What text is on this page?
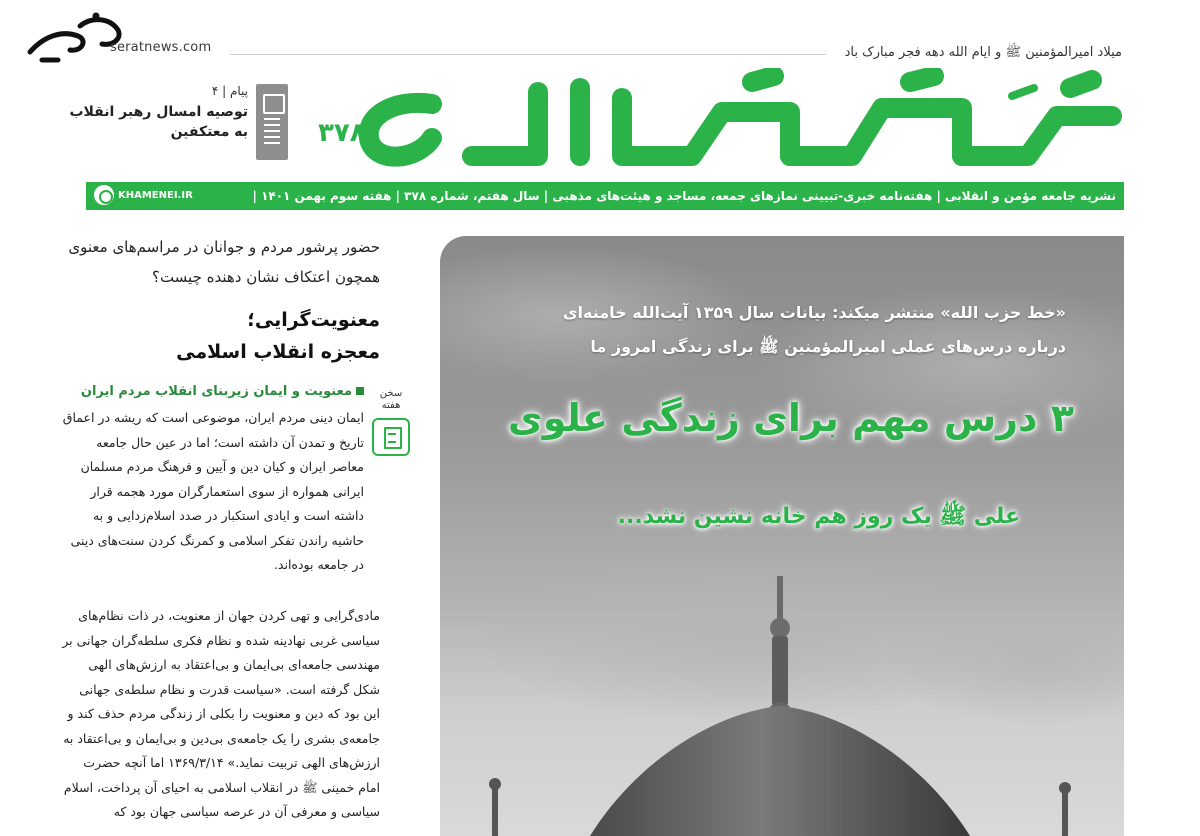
seratnews.com	میلاد امیرالمؤمنین ﷺ و ایام الله دهه فجر مبارک باد
خط حزب الله
۳۷۸
پیام | ۴
توصیه امسال رهبر انقلاب به معتکفین
نشریه جامعه مؤمن و انقلابی | هفته‌نامه خبری-تبیینی نمازهای جمعه، مساجد و هیئت‌های مذهبی | سال هفتم، شماره ۳۷۸ | هفته سوم بهمن ۱۴۰۱ |
KHAMENEI.IR
حضور پرشور مردم و جوانان در مراسم‌های معنوی همچون اعتکاف نشان دهنده چیست؟
معنویت‌گرایی؛
معجزه انقلاب اسلامی
سخن هفته
معنویت و ایمان زیربنای انقلاب مردم ایران

ایمان دینی مردم ایران، موضوعی است که ریشه در اعماق تاریخ و تمدن آن داشته است؛ اما در عین حال جامعه معاصر ایران و کیان دین و آیین و فرهنگ مردم مسلمان ایرانی همواره از سوی استعمارگران مورد هجمه قرار داشته است و ایادی استکبار در صدد اسلام‌زدایی و به حاشیه راندن تفکر اسلامی و کمرنگ کردن سنت‌های دینی در جامعه بوده‌اند.

مادی‌گرایی و تهی کردن جهان از معنویت، در ذات نظام‌های سیاسی غربی نهادینه شده و نظام فکری سلطه‌گران جهانی بر مهندسی جامعه‌ای بی‌ایمان و بی‌اعتقاد به ارزش‌های الهی شکل گرفته است. «سیاست قدرت و نظام سلطه‌ی جهانی این بود که دین و معنویت را بکلی از زندگی مردم حذف کند و جامعه‌ی بشری را یک جامعه‌ی بی‌دین و بی‌ایمان و بی‌اعتقاد به ارزش‌های الهی تربیت نماید.» ۱۳۶۹/۳/۱۴ اما آنچه حضرت امام خمینی ﷺ در انقلاب اسلامی به احیای آن پرداخت، اسلام سیاسی و معرفی آن در عرصه سیاسی جهان بود که

«خط حزب الله» منتشر میکند: بیانات سال ۱۳۵۹ آیت‌الله خامنه‌ای
درباره درس‌های عملی امیرالمؤمنین ﷺ برای زندگی امروز ما
۳ درس مهم برای زندگی علوی
علی ﷺ یک روز هم خانه نشین نشد...
